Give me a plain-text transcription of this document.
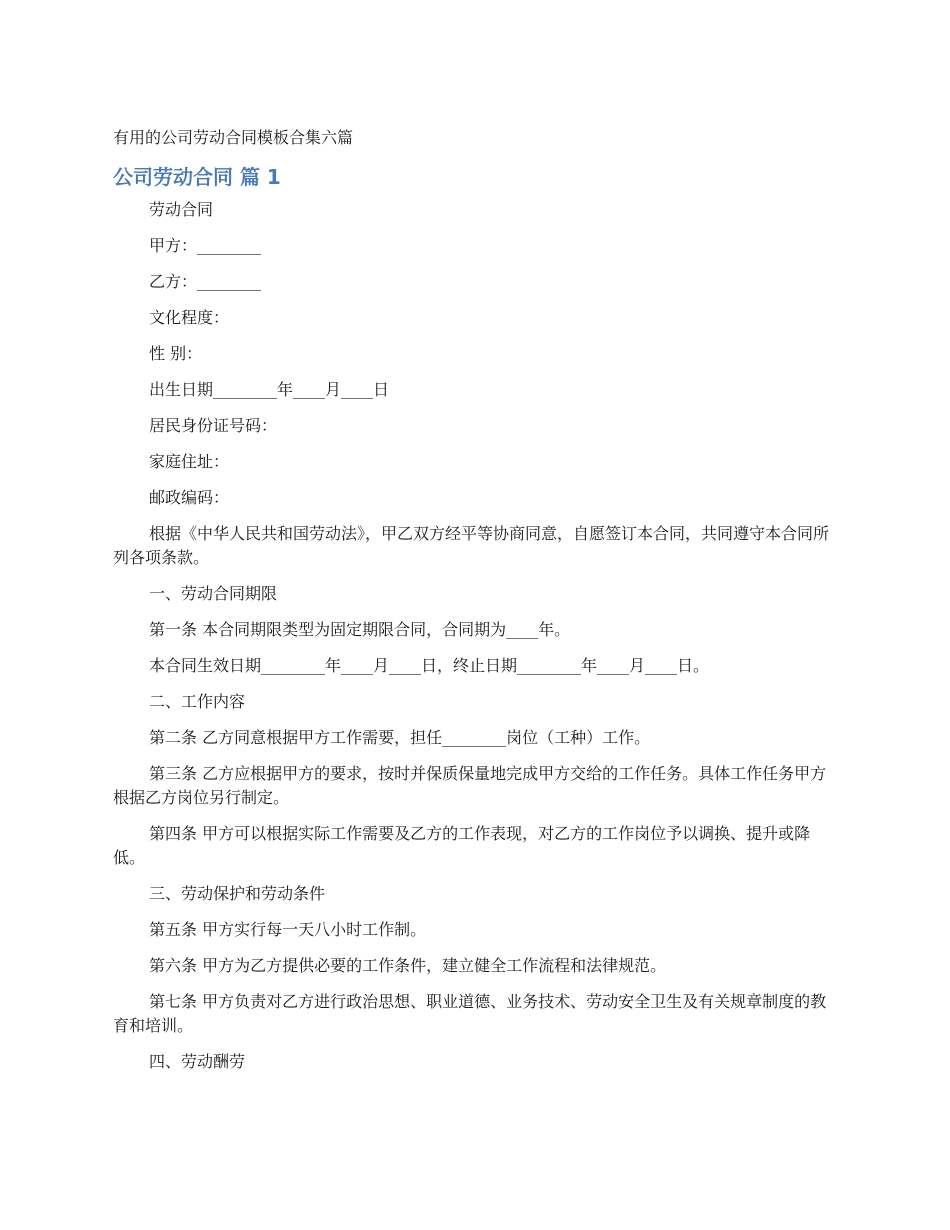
有用的公司劳动合同模板合集六篇
公司劳动合同 篇 1

劳动合同

甲方：________

乙方：________

文化程度：

性 别：

出生日期________年____月____日

居民身份证号码：

家庭住址：

邮政编码：

根据《中华人民共和国劳动法》，甲乙双方经平等协商同意，自愿签订本合同，共同遵守本合同所列各项条款。

一、劳动合同期限

第一条 本合同期限类型为固定期限合同，合同期为____年。

本合同生效日期________年____月____日，终止日期________年____月____日。

二、工作内容

第二条 乙方同意根据甲方工作需要，担任________岗位（工种）工作。

第三条 乙方应根据甲方的要求，按时并保质保量地完成甲方交给的工作任务。具体工作任务甲方根据乙方岗位另行制定。

第四条 甲方可以根据实际工作需要及乙方的工作表现，对乙方的工作岗位予以调换、提升或降低。

三、劳动保护和劳动条件

第五条 甲方实行每一天八小时工作制。

第六条 甲方为乙方提供必要的工作条件，建立健全工作流程和法律规范。

第七条 甲方负责对乙方进行政治思想、职业道德、业务技术、劳动安全卫生及有关规章制度的教育和培训。

四、劳动酬劳
